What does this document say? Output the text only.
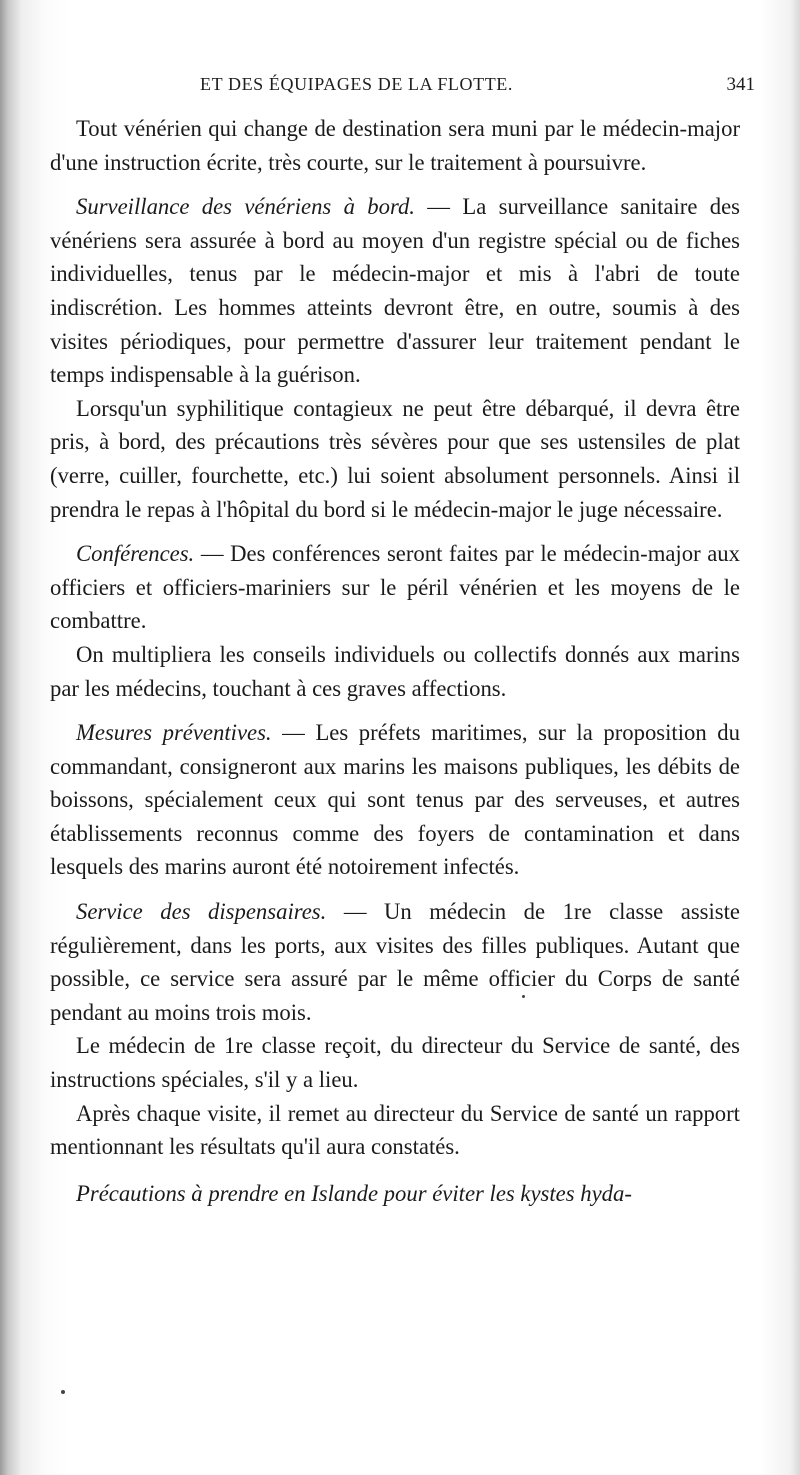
ET DES ÉQUIPAGES DE LA FLOTTE.	341

Tout vénérien qui change de destination sera muni par le médecin-major d'une instruction écrite, très courte, sur le traitement à poursuivre.

Surveillance des vénériens à bord. — La surveillance sanitaire des vénériens sera assurée à bord au moyen d'un registre spécial ou de fiches individuelles, tenus par le médecin-major et mis à l'abri de toute indiscrétion. Les hommes atteints devront être, en outre, soumis à des visites périodiques, pour permettre d'assurer leur traitement pendant le temps indispensable à la guérison.

Lorsqu'un syphilitique contagieux ne peut être débarqué, il devra être pris, à bord, des précautions très sévères pour que ses ustensiles de plat (verre, cuiller, fourchette, etc.) lui soient absolument personnels. Ainsi il prendra le repas à l'hôpital du bord si le médecin-major le juge nécessaire.

Conférences. — Des conférences seront faites par le médecin-major aux officiers et officiers-mariniers sur le péril vénérien et les moyens de le combattre.

On multipliera les conseils individuels ou collectifs donnés aux marins par les médecins, touchant à ces graves affections.

Mesures préventives. — Les préfets maritimes, sur la proposition du commandant, consigneront aux marins les maisons publiques, les débits de boissons, spécialement ceux qui sont tenus par des serveuses, et autres établissements reconnus comme des foyers de contamination et dans lesquels des marins auront été notoirement infectés.

Service des dispensaires. — Un médecin de 1re classe assiste régulièrement, dans les ports, aux visites des filles publiques. Autant que possible, ce service sera assuré par le même officier du Corps de santé pendant au moins trois mois.

Le médecin de 1re classe reçoit, du directeur du Service de santé, des instructions spéciales, s'il y a lieu.

Après chaque visite, il remet au directeur du Service de santé un rapport mentionnant les résultats qu'il aura constatés.

Précautions à prendre en Islande pour éviter les kystes hyda-
